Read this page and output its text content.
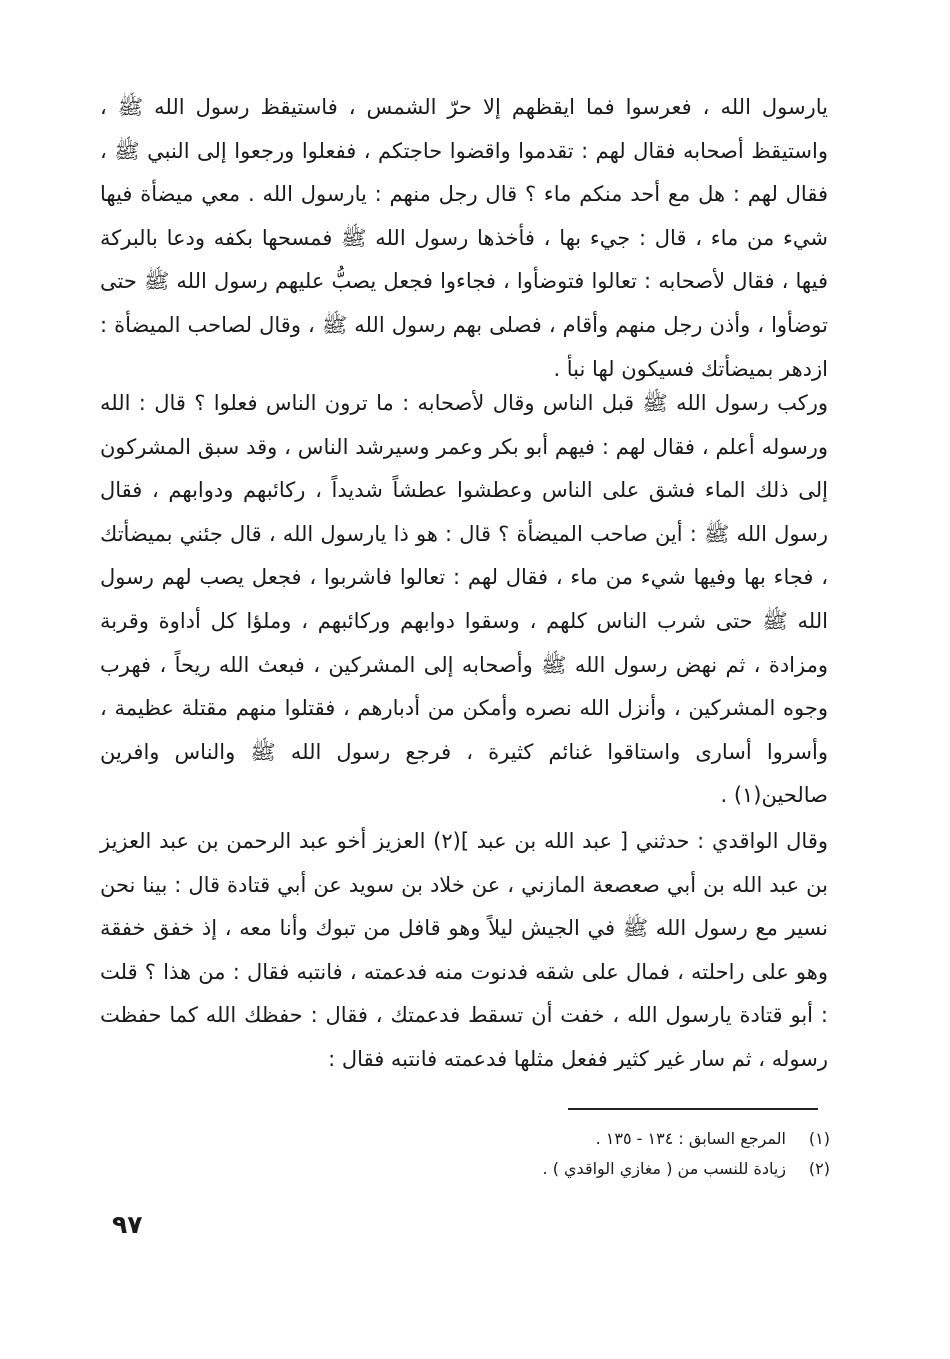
يارسول الله ، فعرسوا فما ايقظهم إلا حرّ الشمس ، فاستيقظ رسول الله ﷺ ، واستيقظ أصحابه فقال لهم : تقدموا واقضوا حاجتكم ، ففعلوا ورجعوا إلى النبي ﷺ ، فقال لهم : هل مع أحد منكم ماء ؟ قال رجل منهم : يارسول الله . معي ميضأة فيها شيء من ماء ، قال : جيء بها ، فأخذها رسول الله ﷺ فمسحها بكفه ودعا بالبركة فيها ، فقال لأصحابه : تعالوا فتوضأوا ، فجاءوا فجعل يصبُّ عليهم رسول الله ﷺ حتى توضأوا ، وأذن رجل منهم وأقام ، فصلى بهم رسول الله ﷺ ، وقال لصاحب الميضأة : ازدهر بميضأتك فسيكون لها نبأ .

وركب رسول الله ﷺ قبل الناس وقال لأصحابه : ما ترون الناس فعلوا ؟ قال : الله ورسوله أعلم ، فقال لهم : فيهم أبو بكر وعمر وسيرشد الناس ، وقد سبق المشركون إلى ذلك الماء فشق على الناس وعطشوا عطشاً شديداً ، ركائبهم ودوابهم ، فقال رسول الله ﷺ : أين صاحب الميضأة ؟ قال : هو ذا يارسول الله ، قال جئني بميضأتك ، فجاء بها وفيها شيء من ماء ، فقال لهم : تعالوا فاشربوا ، فجعل يصب لهم رسول الله ﷺ حتى شرب الناس كلهم ، وسقوا دوابهم وركائبهم ، وملؤا كل أداوة وقربة ومزادة ، ثم نهض رسول الله ﷺ وأصحابه إلى المشركين ، فبعث الله ريحاً ، فهرب وجوه المشركين ، وأنزل الله نصره وأمكن من أدبارهم ، فقتلوا منهم مقتلة عظيمة ، وأسروا أسارى واستاقوا غنائم كثيرة ، فرجع رسول الله ﷺ والناس وافرين صالحين(١) .

وقال الواقدي : حدثني [ عبد الله بن عبد ](٢) العزيز أخو عبد الرحمن بن عبد العزيز بن عبد الله بن أبي صعصعة المازني ، عن خلاد بن سويد عن أبي قتادة قال : بينا نحن نسير مع رسول الله ﷺ في الجيش ليلاً وهو قافل من تبوك وأنا معه ، إذ خفق خفقة وهو على راحلته ، فمال على شقه فدنوت منه فدعمته ، فانتبه فقال : من هذا ؟ قلت : أبو قتادة يارسول الله ، خفت أن تسقط فدعمتك ، فقال : حفظك الله كما حفظت رسوله ، ثم سار غير كثير ففعل مثلها فدعمته فانتبه فقال :

(١)
المرجع السابق : ١٣٤ - ١٣٥ .
(٢)
زيادة للنسب من ( مغازي الواقدي ) .
٩٧
